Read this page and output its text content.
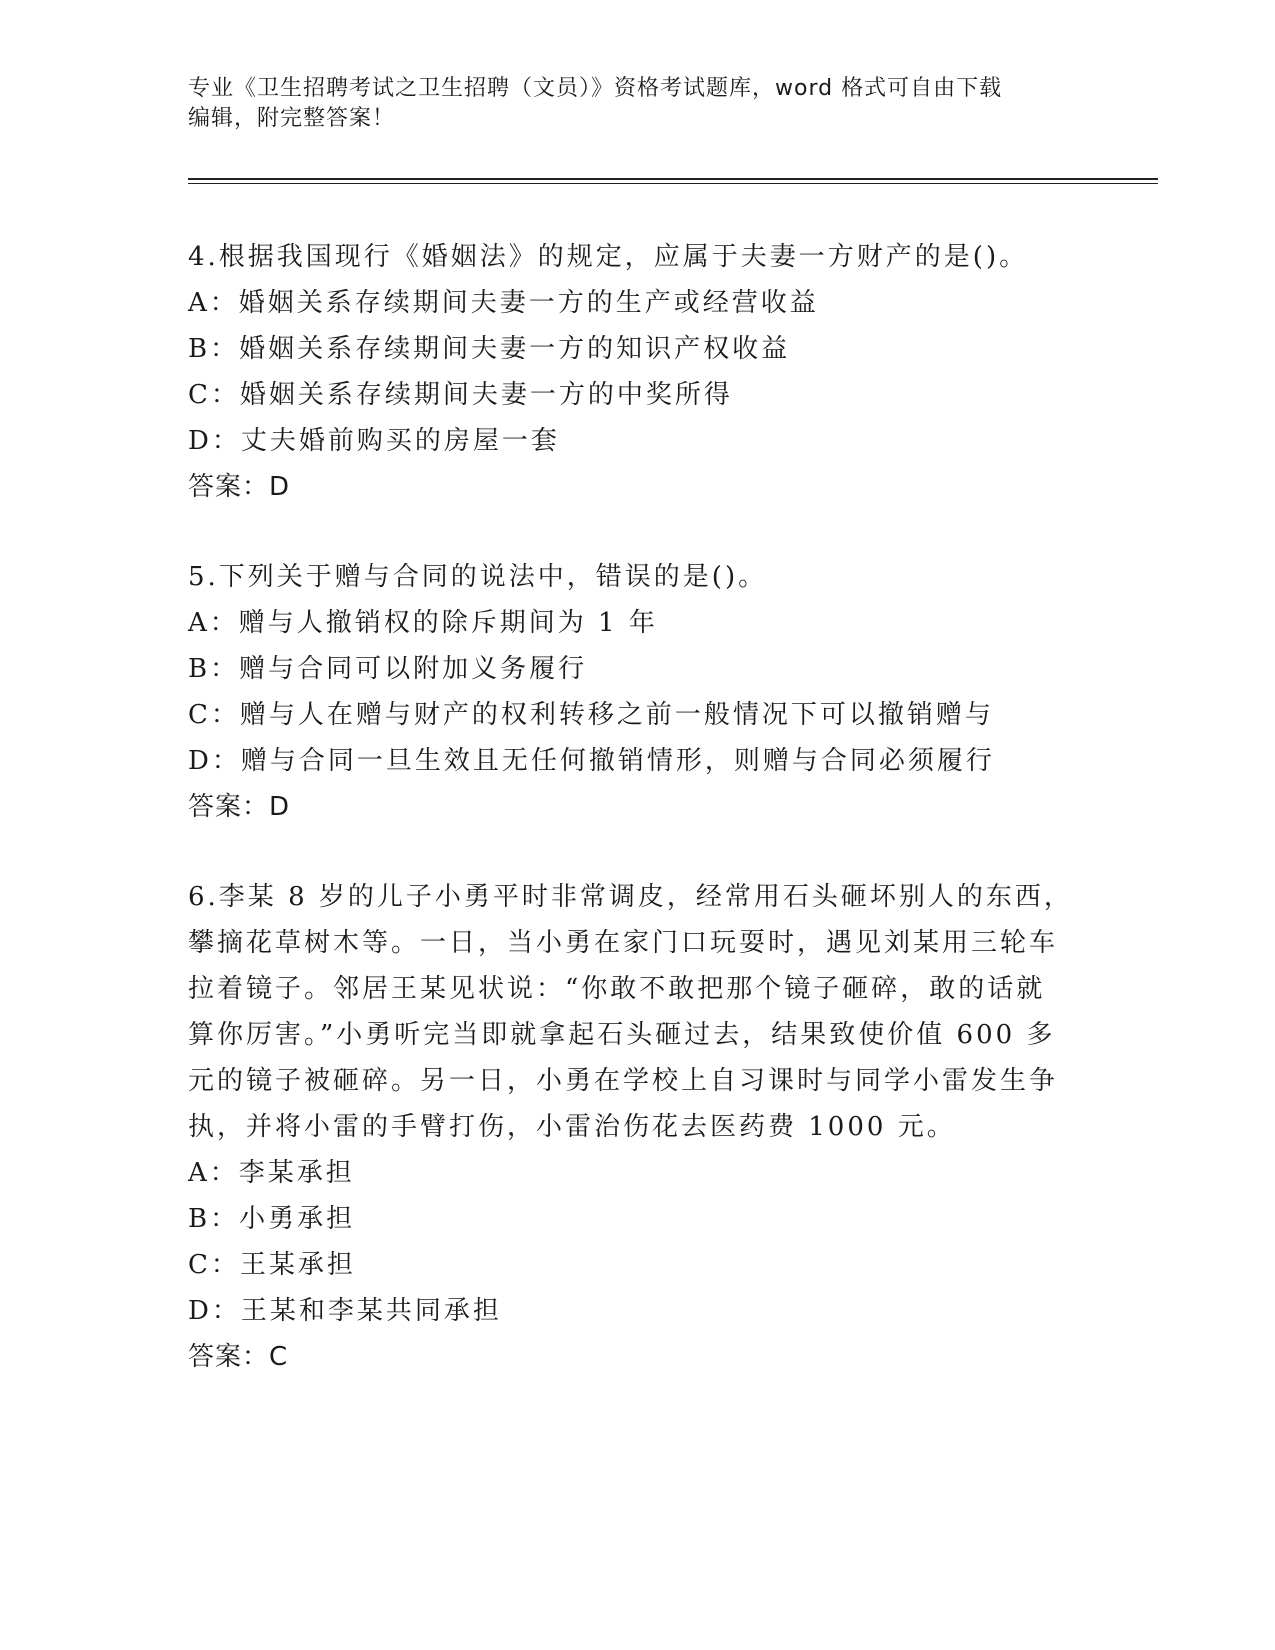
专业《卫生招聘考试之卫生招聘（文员）》资格考试题库，word 格式可自由下载
编辑，附完整答案！
4.根据我国现行《婚姻法》的规定，应属于夫妻一方财产的是()。
A：婚姻关系存续期间夫妻一方的生产或经营收益
B：婚姻关系存续期间夫妻一方的知识产权收益
C：婚姻关系存续期间夫妻一方的中奖所得
D：丈夫婚前购买的房屋一套
答案：D
5.下列关于赠与合同的说法中，错误的是()。
A：赠与人撤销权的除斥期间为 1 年
B：赠与合同可以附加义务履行
C：赠与人在赠与财产的权利转移之前一般情况下可以撤销赠与
D：赠与合同一旦生效且无任何撤销情形，则赠与合同必须履行
答案：D
6.李某 8 岁的儿子小勇平时非常调皮，经常用石头砸坏别人的东西，
攀摘花草树木等。一日，当小勇在家门口玩耍时，遇见刘某用三轮车
拉着镜子。邻居王某见状说：“你敢不敢把那个镜子砸碎，敢的话就
算你厉害。”小勇听完当即就拿起石头砸过去，结果致使价值 600 多
元的镜子被砸碎。另一日，小勇在学校上自习课时与同学小雷发生争
执，并将小雷的手臂打伤，小雷治伤花去医药费 1000 元。
A：李某承担
B：小勇承担
C：王某承担
D：王某和李某共同承担
答案：C
